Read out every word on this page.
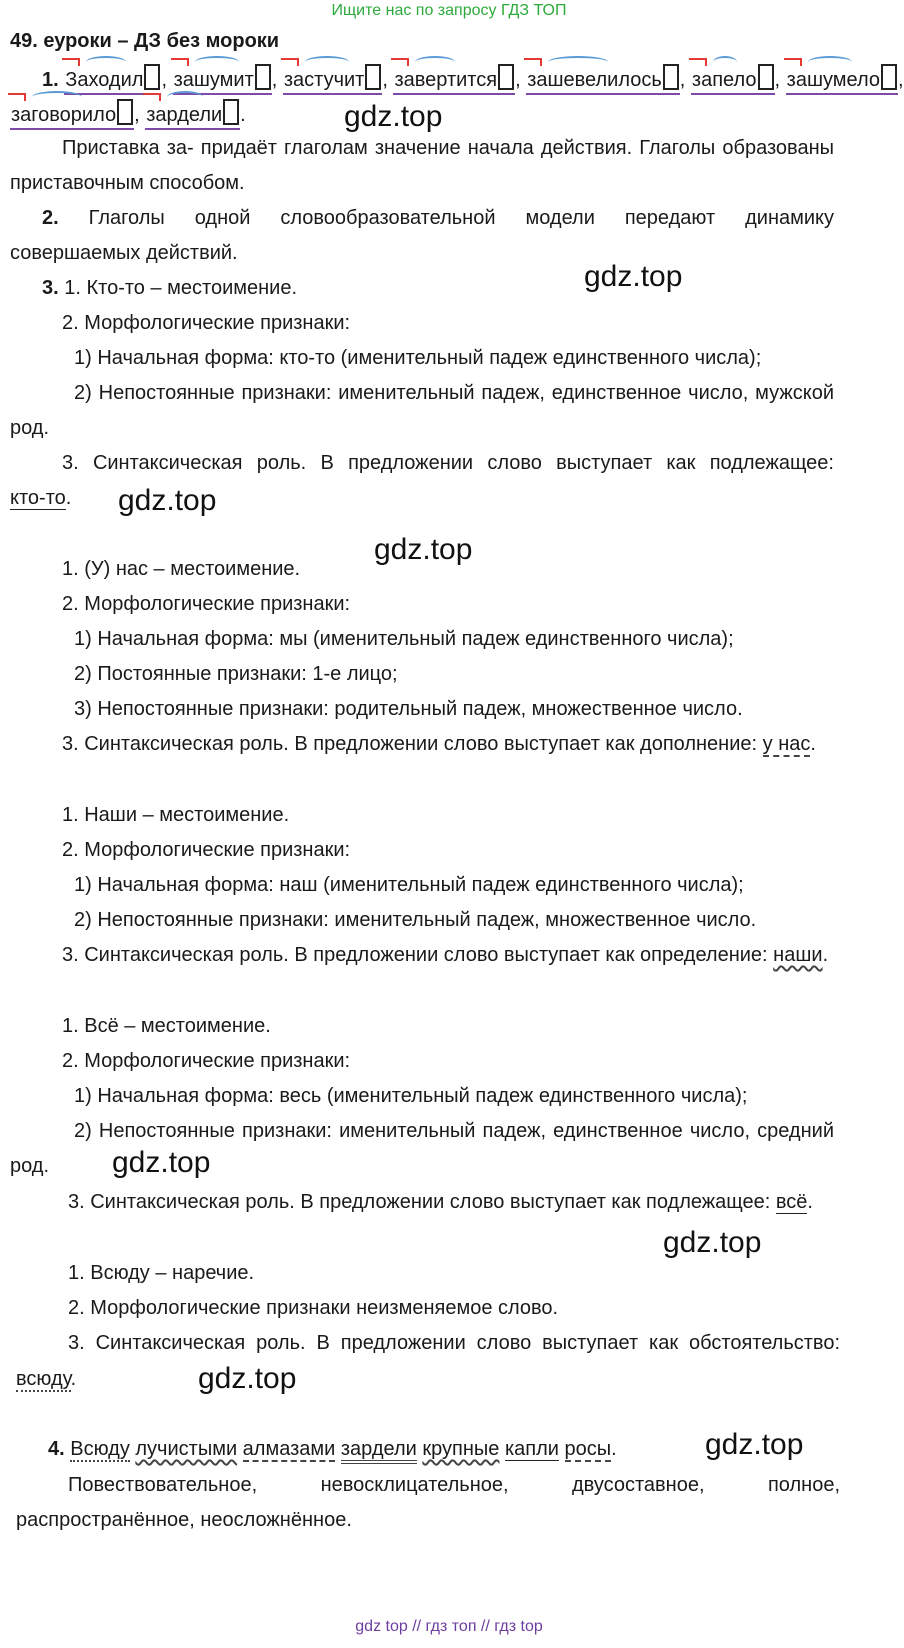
Ищите нас по запросу ГДЗ ТОП
49. еуроки – ДЗ без мороки
1. Заходил , зашумит , застучит , завертится , зашевелилось , запело , зашумело ,
заговорило , зардели .	gdz.top
Приставка за- придаёт глаголам значение начала действия. Глаголы образованы
приставочным способом.
2. Глаголы одной словообразовательной модели передают динамику
совершаемых действий.
3. 1. Кто-то – местоимение.	gdz.top
2. Морфологические признаки:
1) Начальная форма: кто-то (именительный падеж единственного числа);
2) Непостоянные признаки: именительный падеж, единственное число, мужской
род.
3. Синтаксическая роль. В предложении слово выступает как подлежащее:
кто-то. gdz.top
gdz.top
1. (У) нас – местоимение.
2. Морфологические признаки:
1) Начальная форма: мы (именительный падеж единственного числа);
2) Постоянные признаки: 1-е лицо;
3) Непостоянные признаки: родительный падеж, множественное число.
3. Синтаксическая роль. В предложении слово выступает как дополнение: у нас.
1. Наши – местоимение.
2. Морфологические признаки:
1) Начальная форма: наш (именительный падеж единственного числа);
2) Непостоянные признаки: именительный падеж, множественное число.
3. Синтаксическая роль. В предложении слово выступает как определение: наши.
1. Всё – местоимение.
2. Морфологические признаки:
1) Начальная форма: весь (именительный падеж единственного числа);
2) Непостоянные признаки: именительный падеж, единственное число, средний
род. gdz.top
3. Синтаксическая роль. В предложении слово выступает как подлежащее: всё.
gdz.top
1. Всюду – наречие.
2. Морфологические признаки неизменяемое слово.
3. Синтаксическая роль. В предложении слово выступает как обстоятельство:
всюду.	gdz.top
4. Всюду лучистыми алмазами зардели крупные капли росы.	gdz.top
Повествовательное, невосклицательное, двусоставное, полное,
распространённое, неосложнённое.
gdz top // гдз топ // гдз top
